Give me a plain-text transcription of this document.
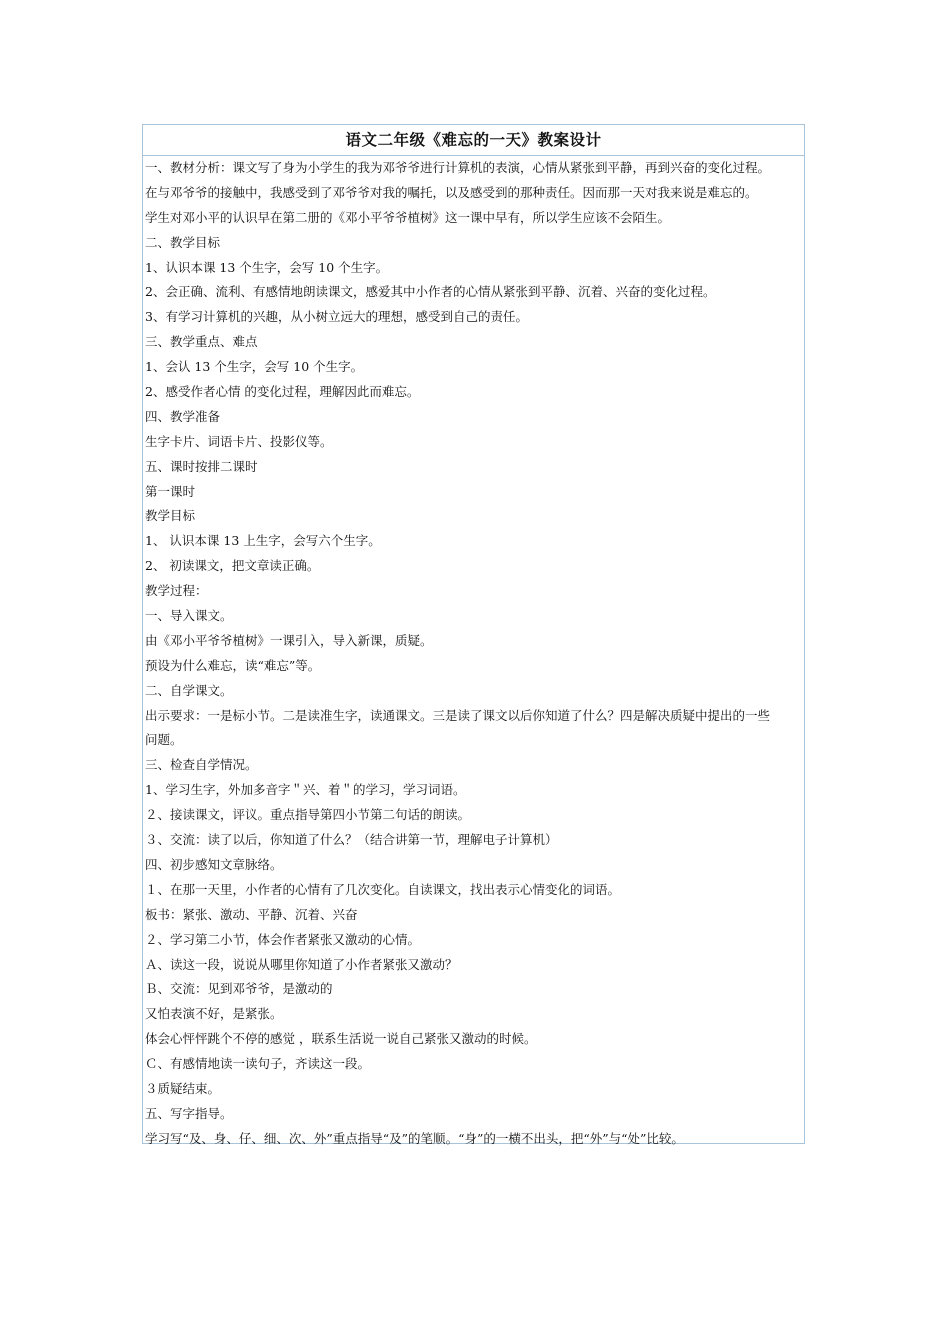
语文二年级《难忘的一天》教案设计
一、教材分析：课文写了身为小学生的我为邓爷爷进行计算机的表演，心情从紧张到平静，再到兴奋的变化过程。
在与邓爷爷的接触中，我感受到了邓爷爷对我的嘱托，以及感受到的那种责任。因而那一天对我来说是难忘的。
学生对邓小平的认识早在第二册的《邓小平爷爷植树》这一课中早有，所以学生应该不会陌生。
二、教学目标
1、认识本课 13 个生字，会写 10 个生字。
2、会正确、流利、有感情地朗读课文，感爱其中小作者的心情从紧张到平静、沉着、兴奋的变化过程。
3、有学习计算机的兴趣，从小树立远大的理想，感受到自己的责任。
三、教学重点、难点
1、会认 13 个生字，会写 10 个生字。
2、感受作者心情 的变化过程，理解因此而难忘。
四、教学准备
生字卡片、词语卡片、投影仪等。
五、课时按排二课时
第一课时
教学目标
1、 认识本课 13 上生字，会写六个生字。
2、 初读课文，把文章读正确。
教学过程：
一、导入课文。
由《邓小平爷爷植树》一课引入，导入新课，质疑。
预设为什么难忘，读“难忘”等。
二、自学课文。
出示要求：一是标小节。二是读准生字，读通课文。三是读了课文以后你知道了什么？四是解决质疑中提出的一些
问题。
三、检查自学情况。
1、学习生字，外加多音字＂兴、着＂的学习，学习词语。
２、接读课文，评议。重点指导第四小节第二句话的朗读。
３、交流：读了以后，你知道了什么？（结合讲第一节，理解电子计算机）
四、初步感知文章脉络。
１、在那一天里，小作者的心情有了几次变化。自读课文，找出表示心情变化的词语。
板书：紧张、激动、平静、沉着、兴奋
２、学习第二小节，体会作者紧张又激动的心情。
Ａ、读这一段，说说从哪里你知道了小作者紧张又激动？
Ｂ、交流：见到邓爷爷，是激动的
又怕表演不好，是紧张。
体会心怦怦跳个不停的感觉 ，联系生活说一说自己紧张又激动的时候。
Ｃ、有感情地读一读句子，齐读这一段。
３质疑结束。
五、写字指导。
学习写“及、身、仔、细、次、外”重点指导“及”的笔顺。“身”的一横不出头，把“外”与“处”比较。
